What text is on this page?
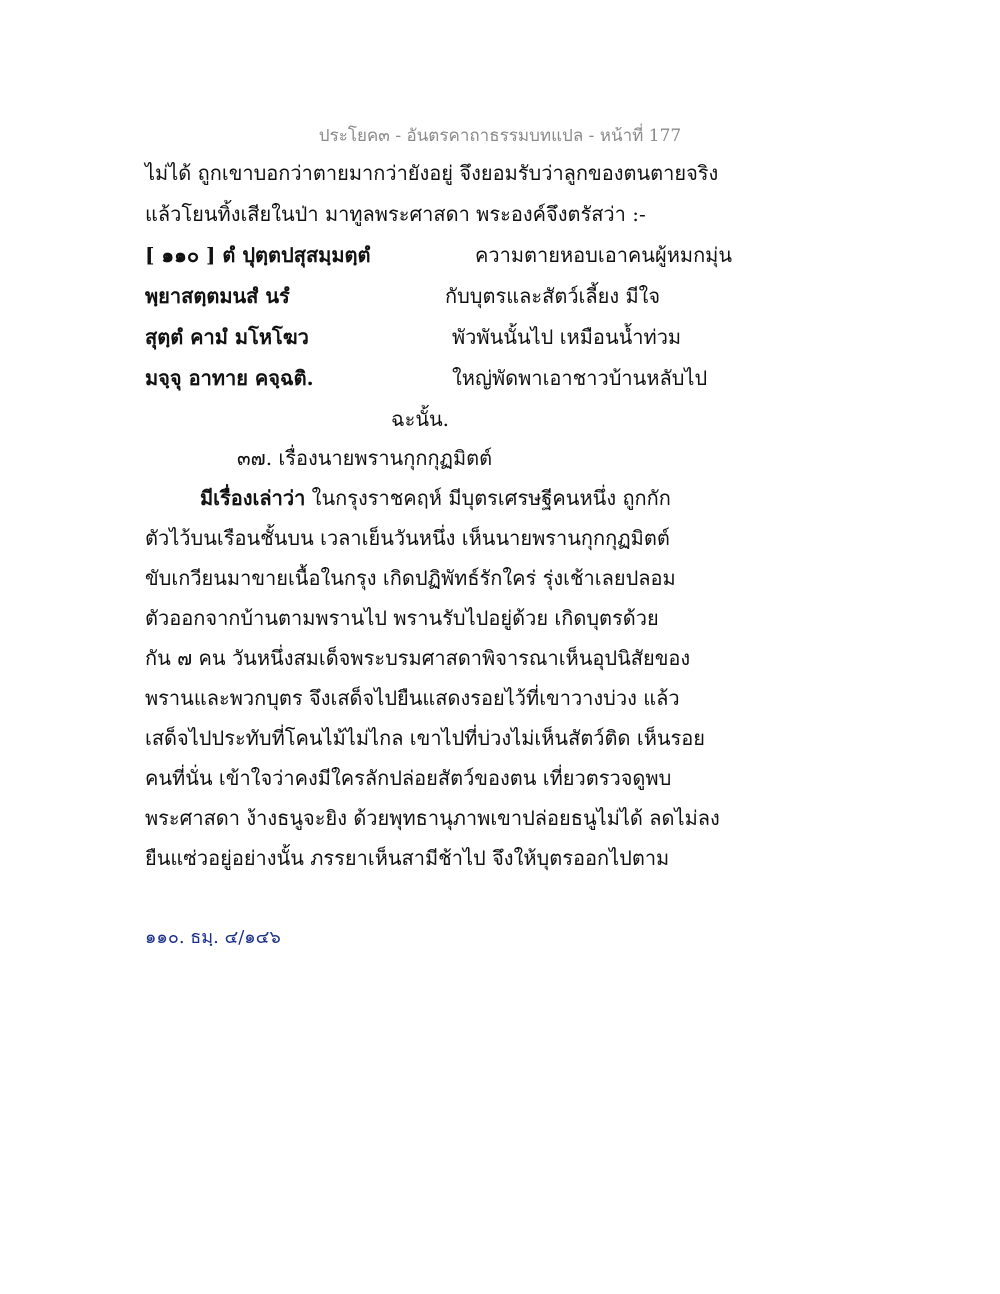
ประโยค๓ - อันตรคาถาธรรมบทแปล - หน้าที่ 177
ไม่ได้ ถูกเขาบอกว่าตายมากว่ายังอยู่ จึงยอมรับว่าลูกของตนตายจริง
แล้วโยนทิ้งเสียในป่า มาทูลพระศาสดา พระองค์จึงตรัสว่า :-
[ ๑๑๐ ] ตํ ปุตฺตปสุสมฺมตฺตํ	ความตายหอบเอาคนผู้หมกมุ่น
พฺยาสตฺตมนสํ นรํ	กับบุตรและสัตว์เลี้ยง มีใจ
สุตฺตํ คามํ มโหโฆว	พัวพันนั้นไป เหมือนน้ำท่วม
มจฺจุ อาทาย คจฺฉติ.	ใหญ่พัดพาเอาชาวบ้านหลับไป
ฉะนั้น.
๓๗. เรื่องนายพรานกุกกุฏมิตต์
มีเรื่องเล่าว่า ในกรุงราชคฤห์ มีบุตรเศรษฐีคนหนึ่ง ถูกกัก
ตัวไว้บนเรือนชั้นบน เวลาเย็นวันหนึ่ง เห็นนายพรานกุกกุฏมิตต์
ขับเกวียนมาขายเนื้อในกรุง เกิดปฏิพัทธ์รักใคร่ รุ่งเช้าเลยปลอม
ตัวออกจากบ้านตามพรานไป พรานรับไปอยู่ด้วย เกิดบุตรด้วย
กัน ๗ คน วันหนึ่งสมเด็จพระบรมศาสดาพิจารณาเห็นอุปนิสัยของ
พรานและพวกบุตร จึงเสด็จไปยืนแสดงรอยไว้ที่เขาวางบ่วง แล้ว
เสด็จไปประทับที่โคนไม้ไม่ไกล เขาไปที่บ่วงไม่เห็นสัตว์ติด เห็นรอย
คนที่นั่น เข้าใจว่าคงมีใครลักปล่อยสัตว์ของตน เที่ยวตรวจดูพบ
พระศาสดา ง้างธนูจะยิง ด้วยพุทธานุภาพเขาปล่อยธนูไม่ได้ ลดไม่ลง
ยืนแซ่วอยู่อย่างนั้น ภรรยาเห็นสามีช้าไป จึงให้บุตรออกไปตาม
๑๑๐. ธมฺ. ๔/๑๔๖
